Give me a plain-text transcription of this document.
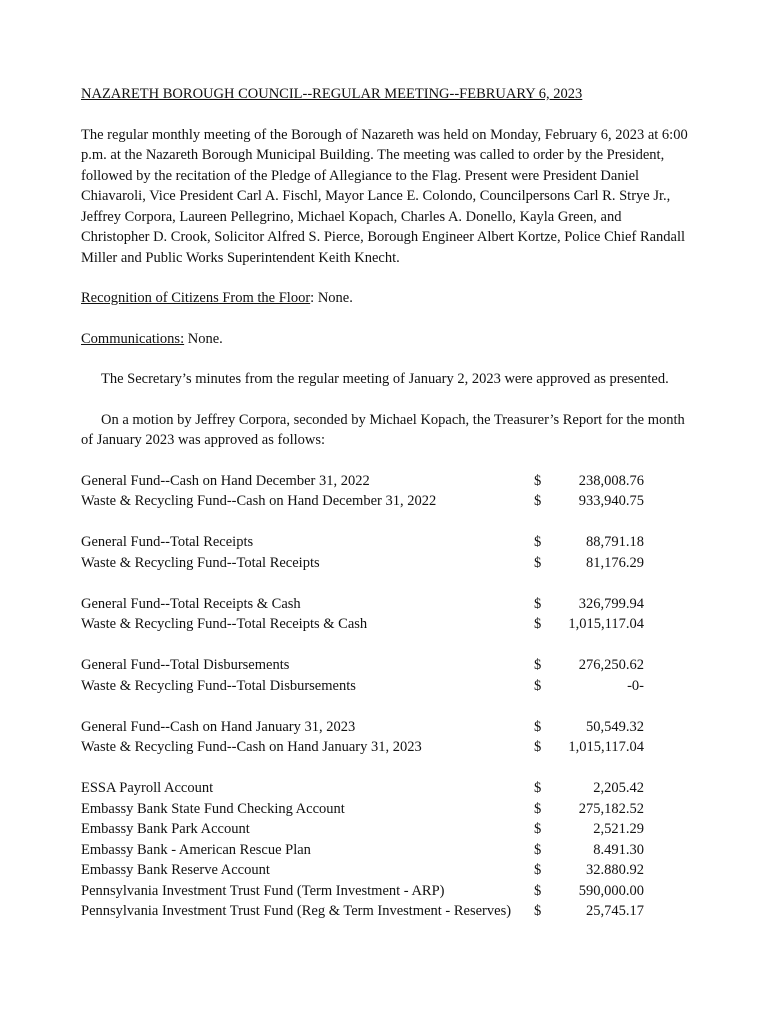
NAZARETH BOROUGH COUNCIL--REGULAR MEETING--FEBRUARY 6, 2023

The regular monthly meeting of the Borough of Nazareth was held on Monday, February 6, 2023 at 6:00 p.m. at the Nazareth Borough Municipal Building. The meeting was called to order by the President, followed by the recitation of the Pledge of Allegiance to the Flag. Present were President Daniel Chiavaroli, Vice President Carl A. Fischl, Mayor Lance E. Colondo, Councilpersons Carl R. Strye Jr., Jeffrey Corpora, Laureen Pellegrino, Michael Kopach, Charles A. Donello, Kayla Green, and Christopher D. Crook, Solicitor Alfred S. Pierce, Borough Engineer Albert Kortze, Police Chief Randall Miller and Public Works Superintendent Keith Knecht.

Recognition of Citizens From the Floor: None.

Communications: None.

The Secretary’s minutes from the regular meeting of January 2, 2023 were approved as presented.

On a motion by Jeffrey Corpora, seconded by Michael Kopach, the Treasurer’s Report for the month of January 2023 was approved as follows:

General Fund--Cash on Hand December 31, 2022	$	238,008.76
Waste & Recycling Fund--Cash on Hand December 31, 2022	$	933,940.75
General Fund--Total Receipts	$	88,791.18
Waste & Recycling Fund--Total Receipts	$	81,176.29
General Fund--Total Receipts & Cash	$	326,799.94
Waste & Recycling Fund--Total Receipts & Cash	$ 1,015,117.04
General Fund--Total Disbursements	$	276,250.62
Waste & Recycling Fund--Total Disbursements	$	-0-
General Fund--Cash on Hand January 31, 2023	$	50,549.32
Waste & Recycling Fund--Cash on Hand January 31, 2023	$ 1,015,117.04
ESSA Payroll Account	$	2,205.42
Embassy Bank State Fund Checking Account	$	275,182.52
Embassy Bank Park Account	$	2,521.29
Embassy Bank - American Rescue Plan	$	8.491.30
Embassy Bank Reserve Account	$	32.880.92
Pennsylvania Investment Trust Fund (Term Investment - ARP)	$	590,000.00
Pennsylvania Investment Trust Fund (Reg & Term Investment - Reserves) $	25,745.17
